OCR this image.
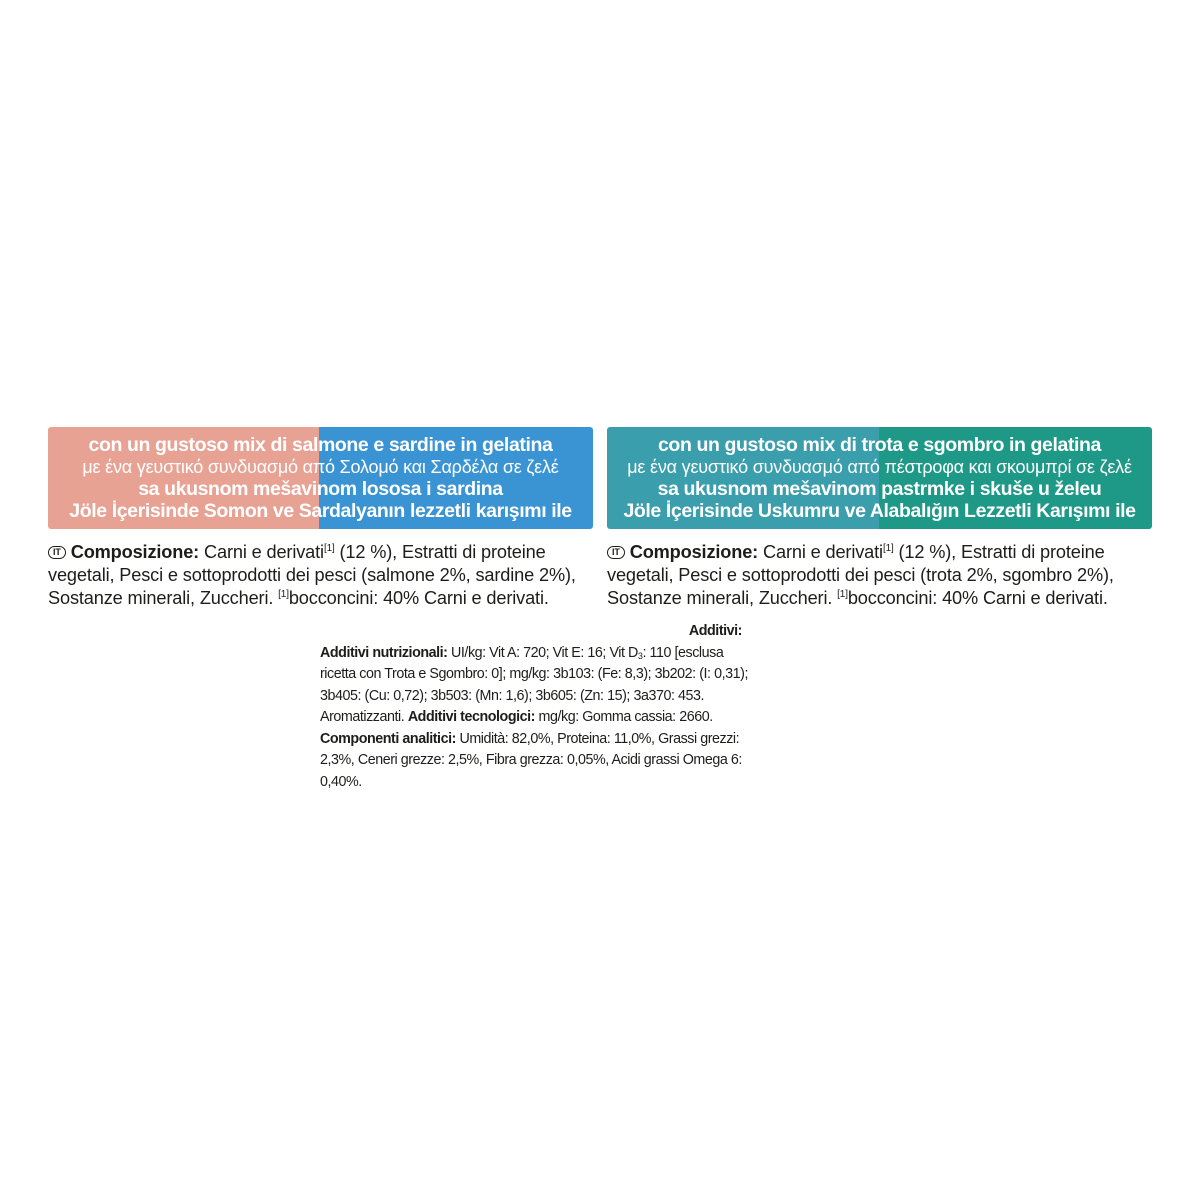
con un gustoso mix di salmone e sardine in gelatina
με ένα γευστικό συνδυασμό από Σολομό και Σαρδέλα σε ζελέ
sa ukusnom mešavinom lososa i sardina
Jöle İçerisinde Somon ve Sardalyanın lezzetli karışımı ile
con un gustoso mix di trota e sgombro in gelatina
με ένα γευστικό συνδυασμό από πέστροφα και σκουμπρί σε ζελέ
sa ukusnom mešavinom pastrmke i skuše u želeu
Jöle İçerisinde Uskumru ve Alabalığın Lezzetli Karışımı ile
IT Composizione: Carni e derivati[1] (12 %), Estratti di proteine vegetali, Pesci e sottoprodotti dei pesci (salmone 2%, sardine 2%), Sostanze minerali, Zuccheri. [1]bocconcini: 40% Carni e derivati.
IT Composizione: Carni e derivati[1] (12 %), Estratti di proteine vegetali, Pesci e sottoprodotti dei pesci (trota 2%, sgombro 2%), Sostanze minerali, Zuccheri. [1]bocconcini: 40% Carni e derivati.
Additivi:
Additivi nutrizionali: UI/kg: Vit A: 720; Vit E: 16; Vit $D_3$: 110 [esclusa ricetta con Trota e Sgombro: 0]; mg/kg: 3b103: (Fe: 8,3); 3b202: (I: 0,31); 3b405: (Cu: 0,72); 3b503: (Mn: 1,6); 3b605: (Zn: 15); 3a370: 453. Aromatizzanti. Additivi tecnologici: mg/kg: Gomma cassia: 2660. Componenti analitici: Umidità: 82,0%, Proteina: 11,0%, Grassi grezzi: 2,3%, Ceneri grezze: 2,5%, Fibra grezza: 0,05%, Acidi grassi Omega 6: 0,40%.
